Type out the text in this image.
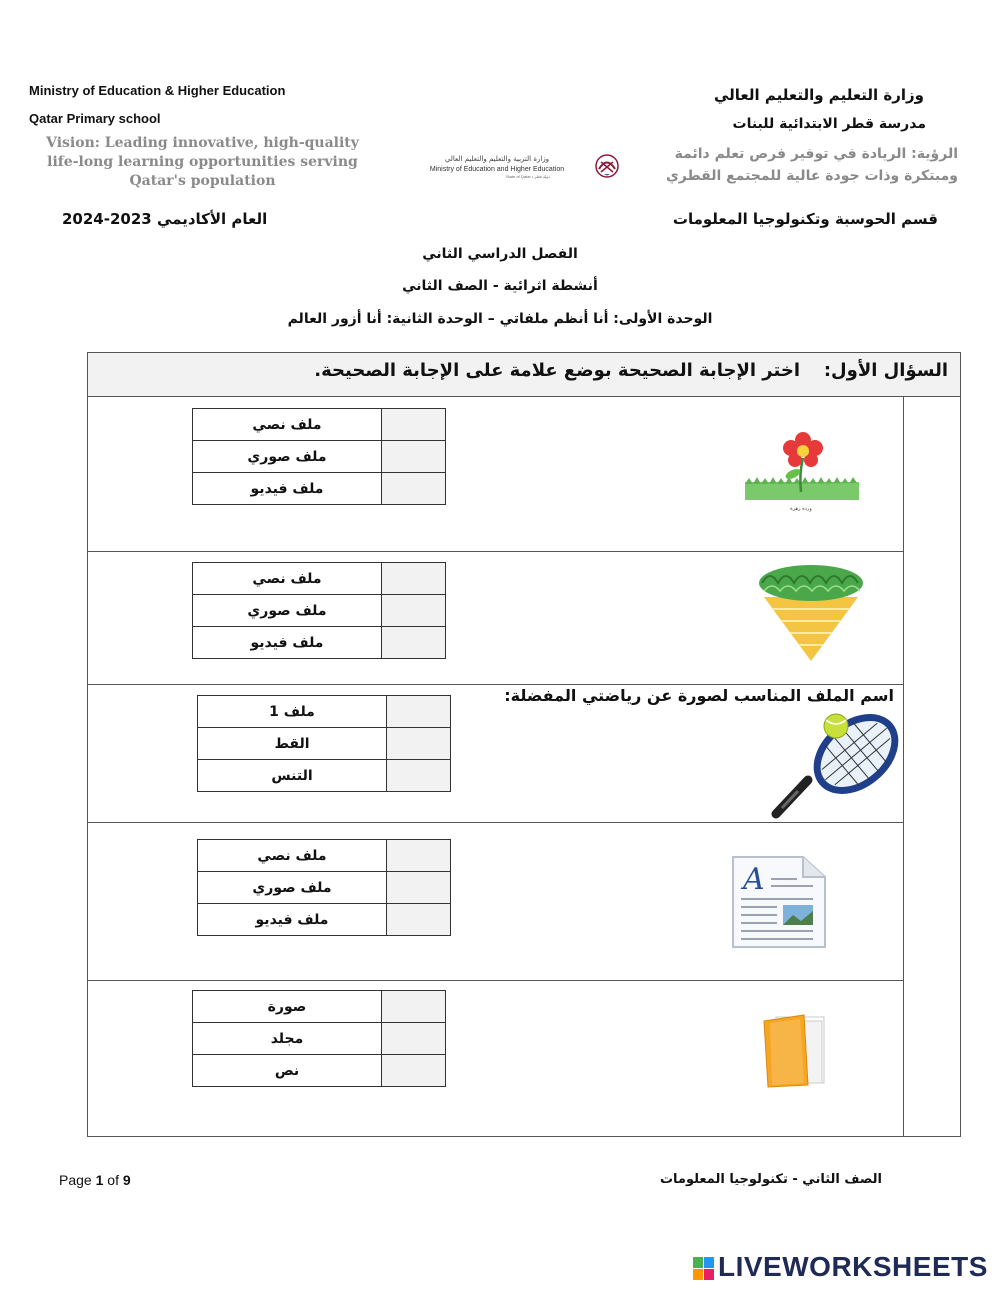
Ministry of Education & Higher Education
Qatar Primary school
Vision: Leading innovative, high-quality life-long learning opportunities serving Qatar's population
وزارة التربية والتعليم والتعليم العالي
Ministry of Education and Higher Education
State of Qatar • دولة قطر
وزارة التعليم والتعليم العالي
مدرسة قطر الابتدائية للبنات
الرؤية: الريادة في توفير فرص تعلم دائمة
ومبتكرة وذات جودة عالية للمجتمع القطري
قسم الحوسبة وتكنولوجيا المعلومات
العام الأكاديمي 2023-2024
الفصل الدراسي الثاني
أنشطة اثرائية - الصف الثاني
الوحدة الأولى: أنا أنظم ملفاتي – الوحدة الثانية: أنا أزور العالم
السؤال الأول:
اختر الإجابة الصحيحة بوضع علامة على الإجابة الصحيحة.
وردة زهرة
ملف نصي	
ملف صوري	
ملف فيديو	
ملف نصي	
ملف صوري	
ملف فيديو	
اسم الملف المناسب لصورة عن رياضتي المفضلة:
ملف 1	
القط	
التنس	
A
ملف نصي	
ملف صوري	
ملف فيديو	
صورة	
مجلد	
نص	
Page 1 of 9	الصف الثاني - تكنولوجيا المعلومات
LIVEWORKSHEETS
